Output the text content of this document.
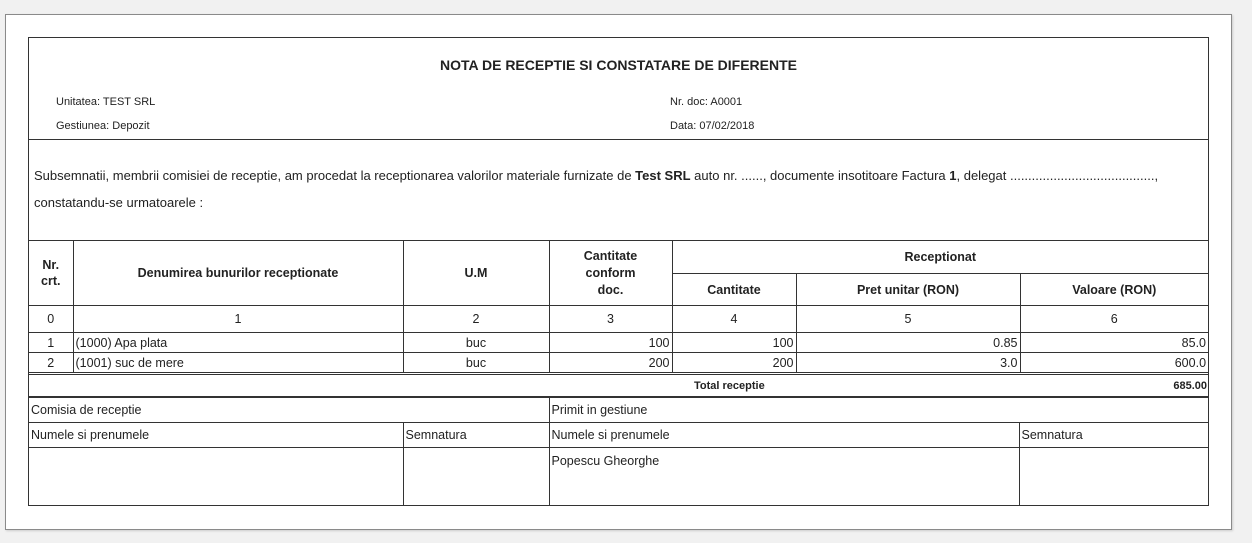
NOTA DE RECEPTIE SI CONSTATARE DE DIFERENTE
Unitatea: TEST SRL
Gestiunea: Depozit
Nr. doc: A0001
Data: 07/02/2018
Subsemnatii, membrii comisiei de receptie, am procedat la receptionarea valorilor materiale furnizate de Test SRL auto nr. ......, documente insotitoare Factura 1, delegat ........................................,
constatandu-se urmatoarele :
Nr. crt.	Denumirea bunurilor receptionate	U.M	Cantitate conform doc.	Receptionat		
				Cantitate	Pret unitar (RON)	Valoare (RON)
0	1	2	3	4	5	6
1	(1000) Apa plata	buc	100	100	0.85	85.0
2	(1001) suc de mere	buc	200	200	3.0	600.0
	Total receptie	685.00
Comisia de receptie		Primit in gestiune	
Numele si prenumele	Semnatura	Numele si prenumele	Semnatura
		Popescu Gheorghe	
